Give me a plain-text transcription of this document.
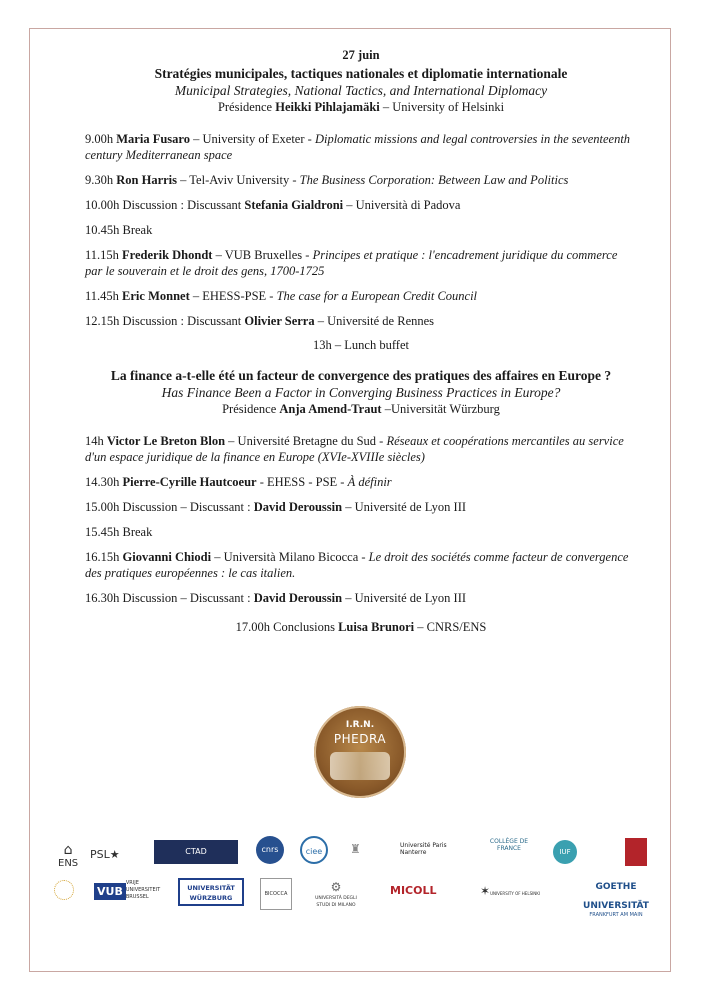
27 juin

Stratégies municipales, tactiques nationales et diplomatie internationale

Municipal Strategies, National Tactics, and International Diplomacy

Présidence Heikki Pihlajamäki – University of Helsinki

9.00h Maria Fusaro – University of Exeter - Diplomatic missions and legal controversies in the seventeenth century Mediterranean space

9.30h Ron Harris – Tel-Aviv University - The Business Corporation: Between Law and Politics

10.00h Discussion : Discussant Stefania Gialdroni – Università di Padova

10.45h Break

11.15h Frederik Dhondt – VUB Bruxelles - Principes et pratique : l'encadrement juridique du commerce par le souverain et le droit des gens, 1700-1725

11.45h Eric Monnet – EHESS-PSE - The case for a European Credit Council

12.15h Discussion : Discussant Olivier Serra – Université de Rennes

13h – Lunch buffet

La finance a-t-elle été un facteur de convergence des pratiques des affaires en Europe ?

Has Finance Been a Factor in Converging Business Practices in Europe?

Présidence Anja Amend-Traut –Universität Würzburg

14h Victor Le Breton Blon – Université Bretagne du Sud - Réseaux et coopérations mercantiles au service d'un espace juridique de la finance en Europe (XVIe-XVIIIe siècles)

14.30h Pierre-Cyrille Hautcoeur - EHESS - PSE - À définir

15.00h Discussion – Discussant : David Deroussin – Université de Lyon III

15.45h Break

16.15h Giovanni Chiodi – Università Milano Bicocca - Le droit des sociétés comme facteur de convergence des pratiques européennes : le cas italien.

16.30h Discussion – Discussant : David Deroussin – Université de Lyon III

17.00h Conclusions Luisa Brunori – CNRS/ENS

I.R.N.
PHEDRA
⌂
ENS
PSL★	CTAD	cnrs	ciee	♜	Université Paris Nanterre
COLLÈGE DE FRANCE	IUF
VUBVRIJE UNIVERSITEIT BRUSSEL
UNIVERSITÄT WÜRZBURG	BICOCCA	⚙
UNIVERSITÀ DEGLI STUDI DI MILANO
MICOLL	✶UNIVERSITY OF HELSINKI
GOETHE UNIVERSITÄT
FRANKFURT AM MAIN
